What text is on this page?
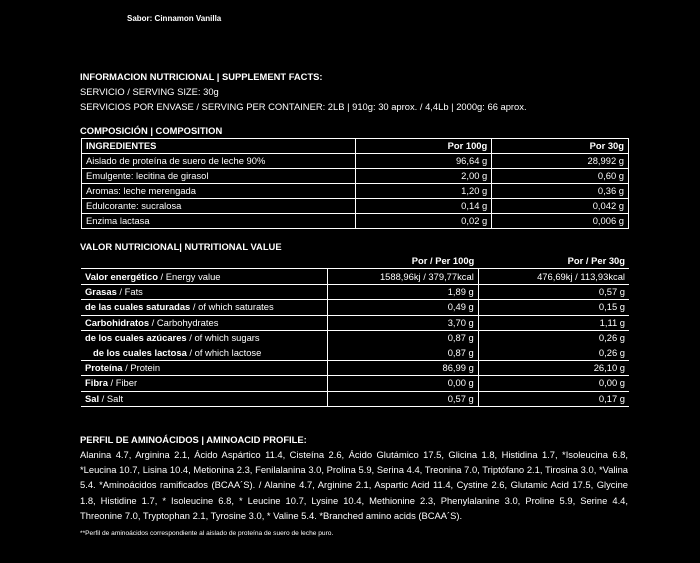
Sabor: Cinnamon Vanilla
INFORMACION NUTRICIONAL | SUPPLEMENT FACTS:
SERVICIO / SERVING SIZE: 30g
SERVICIOS POR ENVASE / SERVING PER CONTAINER: 2LB | 910g: 30 aprox. / 4,4Lb | 2000g: 66 aprox.
COMPOSICIÓN | COMPOSITION
INGREDIENTES	Por 100g	Por 30g
Aislado de proteína de suero de leche 90%	96,64 g	28,992 g
Emulgente: lecitina de girasol	2,00 g	0,60 g
Aromas: leche merengada	1,20 g	0,36 g
Edulcorante: sucralosa	0,14 g	0,042 g
Enzima lactasa	0,02 g	0,006 g
VALOR NUTRICIONAL| NUTRITIONAL VALUE
	Por / Per 100g	Por / Per 30g
Valor energético / Energy value	1588,96kj / 379,77kcal	476,69kj / 113,93kcal
Grasas / Fats	1,89 g	0,57 g
de las cuales saturadas / of which saturates	0,49 g	0,15 g
Carbohidratos / Carbohydrates	3,70 g	1,11 g
de los cuales azúcares / of which sugars	0,87 g	0,26 g
de los cuales lactosa / of which lactose	0,87 g	0,26 g
Proteína / Protein	86,99 g	26,10 g
Fibra / Fiber	0,00 g	0,00 g
Sal / Salt	0,57 g	0,17 g
PERFIL DE AMINOÁCIDOS | AMINOACID PROFILE:
Alanina 4.7, Arginina 2.1, Ácido Aspártico 11.4, Cisteína 2.6, Ácido Glutámico 17.5, Glicina 1.8, Histidina 1.7, *Isoleucina 6.8, *Leucina 10.7, Lisina 10.4, Metionina 2.3, Fenilalanina 3.0, Prolina 5.9, Serina 4.4, Treonina 7.0, Triptófano 2.1, Tirosina 3.0, *Valina 5.4. *Aminoácidos ramificados (BCAA´S). / Alanine 4.7, Arginine 2.1, Aspartic Acid 11.4, Cystine 2.6, Glutamic Acid 17.5, Glycine 1.8, Histidine 1.7, * Isoleucine 6.8, * Leucine 10.7, Lysine 10.4, Methionine 2.3, Phenylalanine 3.0, Proline 5.9, Serine 4.4, Threonine 7.0, Tryptophan 2.1, Tyrosine 3.0, * Valine 5.4. *Branched amino acids (BCAA´S).
**Perfil de aminoácidos correspondiente al aislado de proteína de suero de leche puro.
